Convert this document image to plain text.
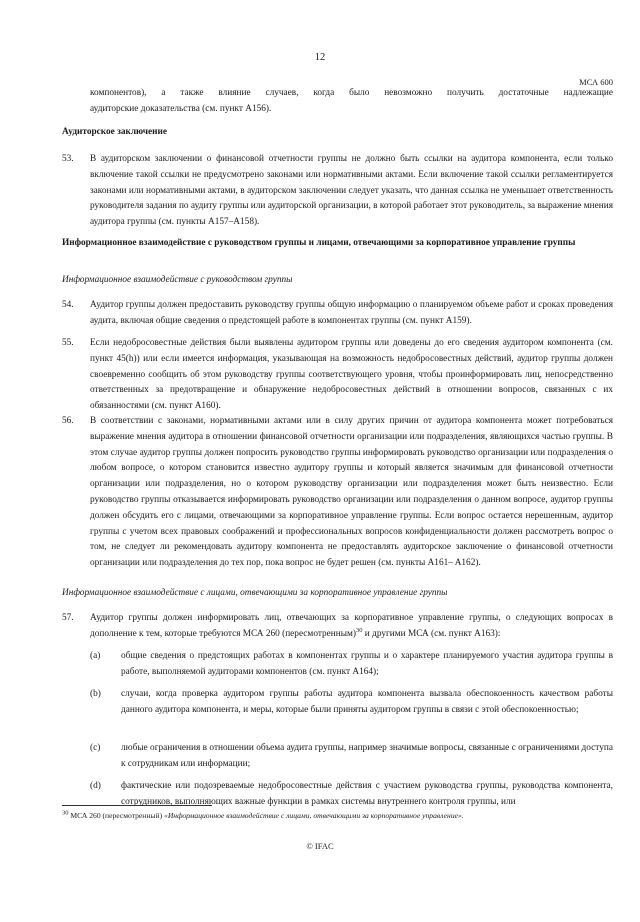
12
МСА 600
компонентов), а также влияние случаев, когда было невозможно получить достаточные надлежащие
аудиторские доказательства (см. пункт A156).
Аудиторское заключение
53. В аудиторском заключении о финансовой отчетности группы не должно быть ссылки на аудитора компонента, если только включение такой ссылки не предусмотрено законами или нормативными актами. Если включение такой ссылки регламентируется законами или нормативными актами, в аудиторском заключении следует указать, что данная ссылка не уменьшает ответственность руководителя задания по аудиту группы или аудиторской организации, в которой работает этот руководитель, за выражение мнения аудитора группы (см. пункты A157–A158).
Информационное взаимодействие с руководством группы и лицами, отвечающими за корпоративное управление группы
Информационное взаимодействие с руководством группы
54. Аудитор группы должен предоставить руководству группы общую информацию о планируемом объеме работ и сроках проведения аудита, включая общие сведения о предстоящей работе в компонентах группы (см. пункт A159).
55. Если недобросовестные действия были выявлены аудитором группы или доведены до его сведения аудитором компонента (см. пункт 45(h)) или если имеется информация, указывающая на возможность недобросовестных действий, аудитор группы должен своевременно сообщить об этом руководству группы соответствующего уровня, чтобы проинформировать лиц, непосредственно ответственных за предотвращение и обнаружение недобросовестных действий в отношении вопросов, связанных с их обязанностями (см. пункт A160).
56. В соответствии с законами, нормативными актами или в силу других причин от аудитора компонента может потребоваться выражение мнения аудитора в отношении финансовой отчетности организации или подразделения, являющихся частью группы. В этом случае аудитор группы должен попросить руководство группы информировать руководство организации или подразделения о любом вопросе, о котором становится известно аудитору группы и который является значимым для финансовой отчетности организации или подразделения, но о котором руководству организации или подразделения может быть неизвестно. Если руководство группы отказывается информировать руководство организации или подразделения о данном вопросе, аудитор группы должен обсудить его с лицами, отвечающими за корпоративное управление группы. Если вопрос остается нерешенным, аудитор группы с учетом всех правовых соображений и профессиональных вопросов конфиденциальности должен рассмотреть вопрос о том, не следует ли рекомендовать аудитору компонента не предоставлять аудиторское заключение о финансовой отчетности организации или подразделения до тех пор, пока вопрос не будет решен (см. пункты A161– A162).
Информационное взаимодействие с лицами, отвечающими за корпоративное управление группы
57. Аудитор группы должен информировать лиц, отвечающих за корпоративное управление группы, о следующих вопросах в дополнение к тем, которые требуются МСА 260 (пересмотренным)$^{30}$ и другими МСА (см. пункт A163):
(a) общие сведения о предстоящих работах в компонентах группы и о характере планируемого участия аудитора группы в работе, выполняемой аудиторами компонентов (см. пункт A164);
(b) случаи, когда проверка аудитором группы работы аудитора компонента вызвала обеспокоенность качеством работы данного аудитора компонента, и меры, которые были приняты аудитором группы в связи с этой обеспокоенностью;
(c) любые ограничения в отношении объема аудита группы, например значимые вопросы, связанные с ограничениями доступа к сотрудникам или информации;
(d) фактические или подозреваемые недобросовестные действия с участием руководства группы, руководства компонента, сотрудников, выполняющих важные функции в рамках системы внутреннего контроля группы, или
$^{30}$ МСА 260 (пересмотренный) «Информационное взаимодействие с лицами, отвечающими за корпоративное управление».
© IFAC
